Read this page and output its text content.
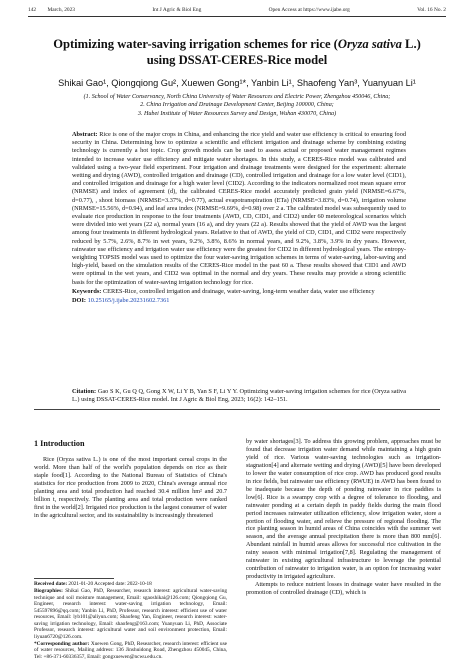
142 March, 2023	Int J Agric & Biol Eng	Open Access at https://www.ijabe.org	Vol. 16 No. 2
Optimizing water-saving irrigation schemes for rice (Oryza sativa L.)
using DSSAT-CERES-Rice model
Shikai Gao¹, Qiongqiong Gu², Xuewen Gong¹*, Yanbin Li¹, Shaofeng Yan³, Yuanyuan Li¹
(1. School of Water Conservancy, North China University of Water Resources and Electric Power, Zhengzhou 450046, China;
2. China Irrigation and Drainage Development Center, Beijing 100000, China;
3. Hubei Institute of Water Resources Survey and Design, Wuhan 430070, China)
Abstract: Rice is one of the major crops in China, and enhancing the rice yield and water use efficiency is critical to ensuring food security in China. Determining how to optimize a scientific and efficient irrigation and drainage scheme by combining existing technology is currently a hot topic. Crop growth models can be used to assess actual or proposed water management regimes intended to increase water use efficiency and mitigate water shortages. In this study, a CERES-Rice model was calibrated and validated using a two-year field experiment. Four irrigation and drainage treatments were designed for the experiment: alternate wetting and drying (AWD), controlled irrigation and drainage (CD), controlled irrigation and drainage for a low water level (CID1), and controlled irrigation and drainage for a high water level (CID2). According to the indicators normalized root mean square error (NRMSE) and index of agreement (d), the calibrated CERES-Rice model accurately predicted grain yield (NRMSE=6.67%, d=0.77), , shoot biomass (NRMSE=3.37%, d=0.77), actual evapotranspiration (ETa) (NRMSE=3.83%, d=0.74), irrigation volume (NRMSE=15.56%, d=0.94), and leaf area index (NRMSE=9.69%, d=0.98) over 2 a. The calibrated model was subsequently used to evaluate rice production in response to the four treatments (AWD, CD, CID1, and CID2) under 60 meteorological scenarios which were divided into wet years (22 a), normal years (16 a), and dry years (22 a). Results showed that the yield of AWD was the largest among four treatments in different hydrological years. Relative to that of AWD, the yield of CD, CID1, and CID2 were respectively reduced by 5.7%, 2.6%, 8.7% in wet years, 9.2%, 3.8%, 8.6% in normal years, and 9.2%, 3.8%, 3.9% in dry years. However, rainwater use efficiency and irrigation water use efficiency were the greatest for CID2 in different hydrological years. The entropy-weighting TOPSIS model was used to optimize the four water-saving irrigation schemes in terms of water-saving, labor-saving and high-yield, based on the simulation results of the CERES-Rice model in the past 60 a. These results showed that CID1 and AWD were optimal in the wet years, and CID2 was optimal in the normal and dry years. These results may provide a strong scientific basis for the optimization of water-saving irrigation technology for rice.
Keywords: CERES-Rice, controlled irrigation and drainage, water-saving, long-term weather data, water use efficiency
DOI: 10.25165/j.ijabe.20231602.7361
Citation: Gao S K, Gu Q Q, Gong X W, Li Y B, Yan S F, Li Y Y. Optimizing water-saving irrigation schemes for rice (Oryza sativa L.) using DSSAT-CERES-Rice model. Int J Agric & Biol Eng, 2023; 16(2): 142–151.
1 Introduction
Rice (Oryza sativa L.) is one of the most important cereal crops in the world. More than half of the world's population depends on rice as their staple food[1]. According to the National Bureau of Statistics of China's statistics for rice production from 2009 to 2020, China's average annual rice planting area and total production had reached 30.4 million hm² and 20.7 billion t, respectively. The planting area and total production were ranked first in the world[2]. Irrigated rice production is the largest consumer of water in the agricultural sector, and its sustainability is increasingly threatened
by water shortages[3]. To address this growing problem, approaches must be found that decrease irrigation water demand while maintaining a high grain yield of rice. Various water-saving technologies such as irrigation-stagnation[4] and alternate wetting and drying (AWD)[5] have been developed to lower the water consumption of rice crop. AWD has produced good results in rice fields, but rainwater use efficiency (RWUE) in AWD has been found to be inadequate because the depth of ponding rainwater in rice paddies is low[6]. Rice is a swampy crop with a degree of tolerance to flooding, and rainwater ponding at a certain depth in paddy fields during the main flood period increases rainwater utilization efficiency, slow irrigation water, store a portion of flooding water, and relieve the pressure of regional flooding. The rice planting season in humid areas of China coincides with the summer wet season, and the average annual precipitation there is more than 800 mm[6]. Abundant rainfall in humid areas allows for successful rice cultivation in the rainy season with minimal irrigation[7,8]. Regulating the management of rainwater in existing agricultural infrastructure to leverage the potential contribution of rainwater to irrigation water, is an option for increasing water productivity in irrigated agriculture.
Attempts to reduce nutrient losses in drainage water have resulted in the promotion of controlled drainage (CD), which is
Received date: 2021-01-20 Accepted date: 2022-10-18
Biographies: Shikai Gao, PhD, Researcher, research interest: agricultural water-saving technique and soil moisture management, Email: sgaoshikai@126.com; Qiongqiong Gu, Engineer, research interest: water-saving irrigation technology, Email: 545597896@qq.com; Yanbin Li, PhD, Professor, research interest: efficient use of water resources, Email: lyb101@aliyun.com; Shaofeng Yan, Engineer, research interest: water-saving irrigation technology, Email: shaofeng@163.com; Yuanyuan Li, PhD, Associate Professor, research interest: agricultural water and soil environment protection, Email: liyuan6720@126.com.
*Corresponding author: Xuewen Gong, PhD, Researcher, research interest: efficient use of water resources, Mailing address: 136 Jinshuidong Road, Zhengzhou 450045, China, Tel: +86-371-60336357, Email: gongxuewen@ncwu.edu.cn.
